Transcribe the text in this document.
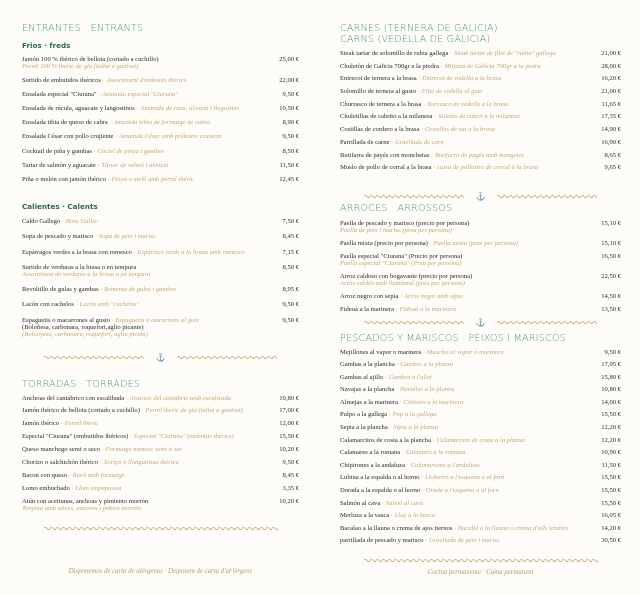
ENTRANTES · ENTRANTS
Frios · freds
Jamón 100 % ibérico de bellota (cortado a cuchillo)
Pernil 100 % ibèric de gla (tallat a ganivet)
25,00 €
Surtido de embutidos ibéricos · Assortiment d'embotits ibèrics	22,00 €
Ensalada especial "Ciurana" · Amanida especial "Ciurana"	9,50 €
Ensalada de rúcula, aguacate y langostinos · Amanida de ruca, alvocat i llagostins	10,50 €
Ensalada tibia de queso de cabra · Amanida tèbia de formatge de cabra	8,90 €
Ensalada César con pollo crujiente · Amanida César amb pollastre cruixent	9,50 €
Cocktail de piña y gambas · Còctel de pinya i gambes	8,50 €
Tartar de salmón y aguacate · Tàrtar de salmó i alvocat	11,50 €
Piña o melón con jamón ibérico · Pinya o meló amb pernil ibèric	12,45 €
Calientes · Calents
Caldo Gallego · Brou Gallec	7,50 €
Sopa de pescado y marisco · Sopa de peix i marisc	8,45 €
Espárragos verdes a la brasa con romesco · Espàrrecs verds a la brasa amb romesco	7,15 €
Surtido de verduras a la brasa o en tempura
Assortiment de verdures a la brasa o en tempura
8,50 €
Revoltillo de gulas y gambas · Remenat de gules i gambes	8,95 €
Lacón con cachelos · Lacón amb "cachelos"	9,50 €
Espaguetis o macarrones al gusto · Espaguetis o macarrons al gust
(Boloñesa, carbonara, roquefort,aglio picante)
(Bolonyesa, carbonara, roquefort, aglio picant)
9,50 €
⚓
TORRADAS · TORRADES
Anchoas del cantábrico con escalibada · Anxoves del cantàbric amb escalivada	10,80 €
Jamón ibérico de bellota (cortado a cuchillo) · Pernil ibèric de gla (tallat a ganivet)	17,00 €
Jamón ibérico · Pernil ibèric	12,00 €
Especial "Ciurana" (embutidos ibéricos) · Especial "Ciurana" (embotits ibèrics)	15,50 €
Queso manchego semi o seco · Formatge manxec semi o sec	10,20 €
Chorizo o salchichón ibérico · Xoriço o llonganissa ibèrica	9,50 €
Bacon con queso · Bacó amb formatge	8,45 €
Lomo embuchado · Llom empapussat	3,35 €
Atún con aceitunas, anchoas y pimiento morrón
Tonyina amb olives, anxoves i pebrot morròn
10,20 €
Disponemos de carta de alérgenos · Disposem de carta d'al·lèrgens
CARNES (TERNERA DE GALICIA)
CARNS (VEDELLA DE GALICIA)
Steak tartar de solomillo de rubia gallega · Steak tàrtar de filet de "rubia" gallega	21,00 €
Chuletón de Galicia 700gr a la piedra · Mitjana de Galícia 700gr a la pedra	28,00 €
Entrecot de ternera a la brasa · Entrecot de vedella a la brasa	16,20 €
Solomillo de ternera al gusto · Filet de vedella al gust	21,00 €
Churrasco de ternera a la brasa · Xurrasco de vedella a la brasa	11,65 €
Chuletillas de cabrito a la milanesa · Xuletes de cabrit a la milanesa	17,35 €
Costillas de cordero a la brasa · Costelles de xai a la brasa	14,90 €
Parrillada de carne · Graellada de carn	16,90 €
Butifarra de payés con monchetas · Botifarra de pagès amb mongetes	8,65 €
Muslo de pollo de corral a la brasa · cuixa de pollastre de corral a la brasa	9,65 €
⚓
ARROCES · ARROSSOS
Paella de pescado y marisco (precio por persona)
Paella de peix i marisc (preu per persona)
15,10 €
Paella mixta (precio por persona) · Paella mixta (preu per persona)	15,10 €
Paella especial "Ciurana" (Precio por persona)
Paella especial "Ciurana" (Preu per persona)
16,50 €
Arroz caldoso con bogavante (precio por persona)
Arròs caldós amb llamàntol (preu per persona)
22,50 €
Arroz negro con sepia · Arròs negre amb sípia	14,50 €
Fideuá a la marinera · Fideuà a la marinera	13,50 €
⚓
PESCADOS Y MARISCOS · PEIXOS I MARISCOS
Mejillones al vapor o marinera · Musclos al vapor o marinera	9,50 €
Gambas a la plancha · Gambes a la planxa	17,95 €
Gambas al ajillo · Gambes a l'allet	15,80 €
Navajas a la plancha · Navalles a la planxa	10,80 €
Almejas a la marinera · Cloïsses a la marinera	14,00 €
Pulpo a la gallega · Pop a la gallega	15,50 €
Sepia a la plancha · Sípia a la planxa	12,20 €
Calamarcitos de costa a la plancha · Calamarcets de costa a la planxa	12,20 €
Calamares a la romana · Calamars a la romana	10,90 €
Chipirones a la andaluza · Calamarsons a l'andalusa	11,50 €
Lubina a la espalda o al horno · Llobarro a l'esquena o al forn	15,50 €
Dorada a la espalda o al horno · Orada a l'esquena o al forn	15,50 €
Salmón al cava · Salmó al cava	15,50 €
Merluza a la vasca · Lluç a la basca	16,05 €
Bacalao a la llauna o crema de ajos tiernos · Bacallà a la llauna o crema d'alls tendres	14,20 €
parrillada de pescado y marisco · Graellada de peix i marisc	30,50 €
Cocina permanente · Cuina permanent
